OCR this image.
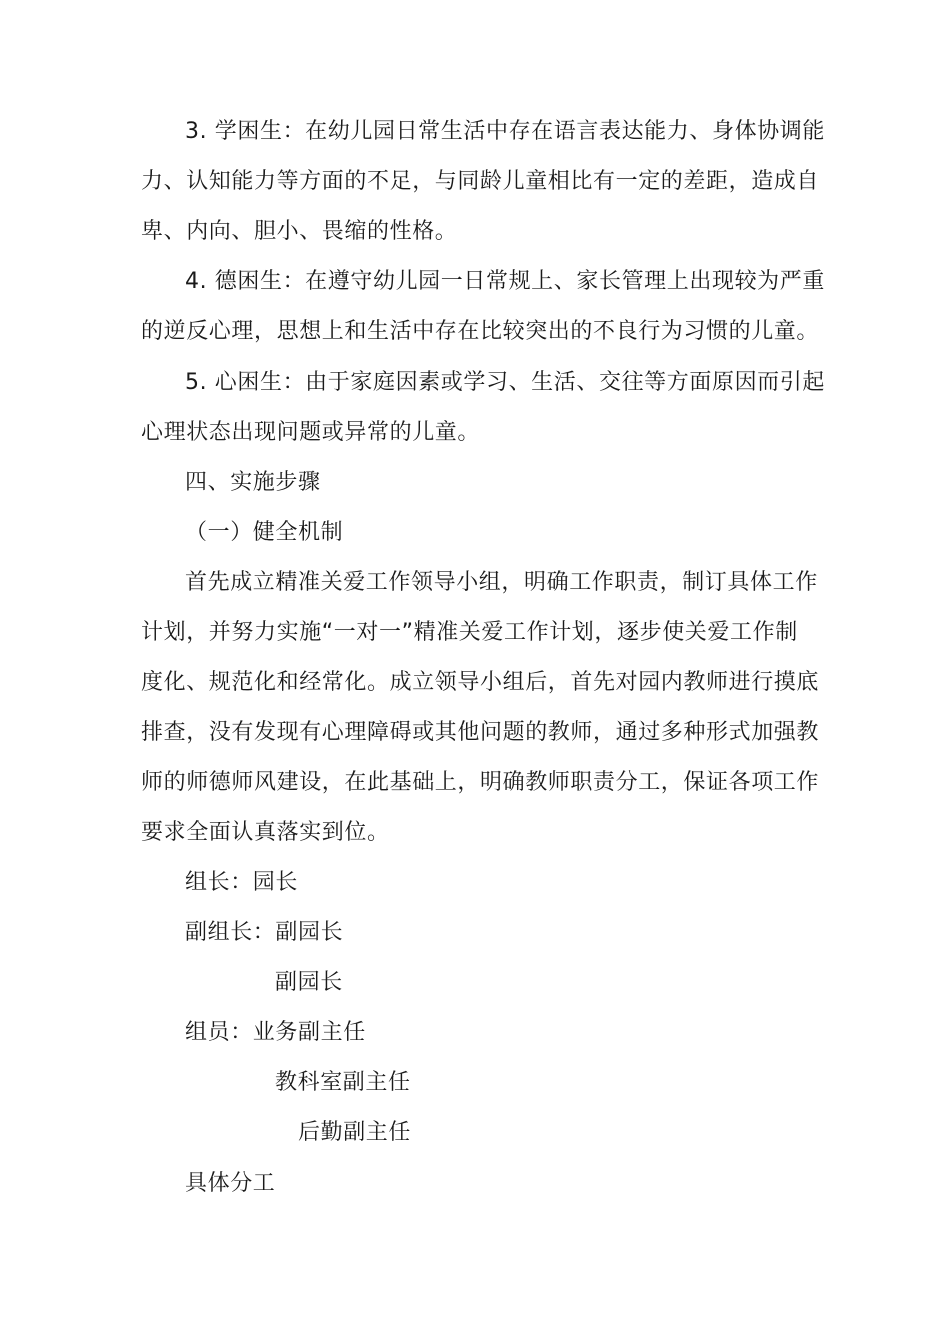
3. 学困生：在幼儿园日常生活中存在语言表达能力、身体协调能
力、认知能力等方面的不足，与同龄儿童相比有一定的差距，造成自
卑、内向、胆小、畏缩的性格。
4. 德困生：在遵守幼儿园一日常规上、家长管理上出现较为严重
的逆反心理，思想上和生活中存在比较突出的不良行为习惯的儿童。
5. 心困生：由于家庭因素或学习、生活、交往等方面原因而引起
心理状态出现问题或异常的儿童。
四、实施步骤
（一）健全机制
首先成立精准关爱工作领导小组，明确工作职责，制订具体工作
计划，并努力实施“一对一”精准关爱工作计划，逐步使关爱工作制
度化、规范化和经常化。成立领导小组后，首先对园内教师进行摸底
排查，没有发现有心理障碍或其他问题的教师，通过多种形式加强教
师的师德师风建设，在此基础上，明确教师职责分工，保证各项工作
要求全面认真落实到位。
组长：园长
副组长：副园长
副园长
组员：业务副主任
教科室副主任
后勤副主任
具体分工
